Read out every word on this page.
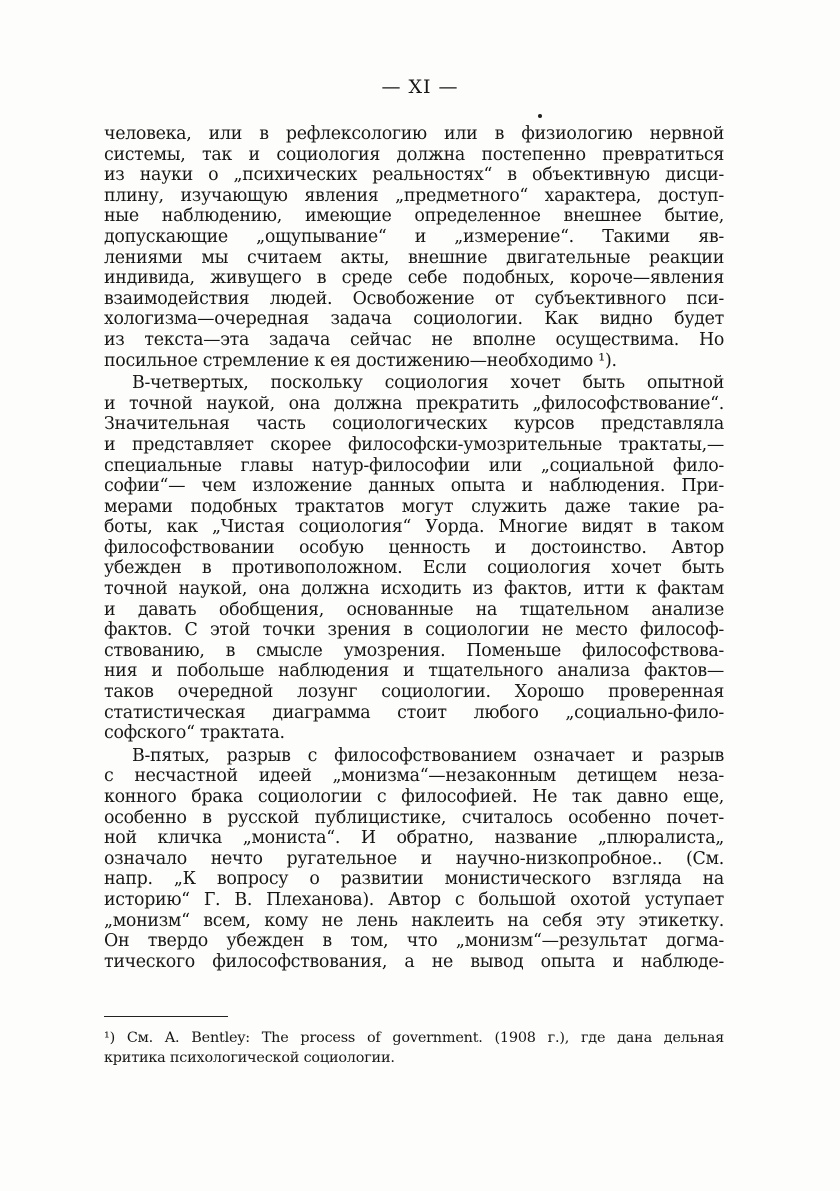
— XI —
человека, или в рефлексологию или в физиологию нервной
системы, так и социология должна постепенно превратиться
из науки о „психических реальностях“ в объективную дисци-
плину, изучающую явления „предметного“ характера, доступ-
ные наблюдению, имеющие определенное внешнее бытие,
допускающие „ощупывание“ и „измерение“. Такими яв-
лениями мы считаем акты, внешние двигательные реакции
индивида, живущего в среде себе подобных, короче—явления
взаимодействия людей. Освобожение от субъективного пси-
хологизма—очередная задача социологии. Как видно будет
из текста—эта задача сейчас не вполне осуществима. Но
посильное стремление к ея достижению—необходимо ¹).
В-четвертых, поскольку социология хочет быть опытной
и точной наукой, она должна прекратить „философствование“.
Значительная часть социологических курсов представляла
и представляет скорее философски-умозрительные трактаты,—
специальные главы натур-философии или „социальной фило-
софии“— чем изложение данных опыта и наблюдения. При-
мерами подобных трактатов могут служить даже такие ра-
боты, как „Чистая социология“ Уорда. Многие видят в таком
философствовании особую ценность и достоинство. Автор
убежден в противоположном. Если социология хочет быть
точной наукой, она должна исходить из фактов, итти к фактам
и давать обобщения, основанные на тщательном анализе
фактов. С этой точки зрения в социологии не место философ-
ствованию, в смысле умозрения. Поменьше философствова-
ния и побольше наблюдения и тщательного анализа фактов—
таков очередной лозунг социологии. Хорошо проверенная
статистическая диаграмма стоит любого „социально-фило-
софского“ трактата.
В-пятых, разрыв с философствованием означает и разрыв
с несчастной идеей „монизма“—незаконным детищем неза-
конного брака социологии с философией. Не так давно еще,
особенно в русской публицистике, считалось особенно почет-
ной кличка „мониста“. И обратно, название „плюралиста„
означало нечто ругательное и научно-низкопробное.. (См.
напр. „К вопросу о развитии монистического взгляда на
историю“ Г. В. Плеханова). Автор с большой охотой уступает
„монизм“ всем, кому не лень наклеить на себя эту этикетку.
Он твердо убежден в том, что „монизм“—результат догма-
тического философствования, а не вывод опыта и наблюде-
¹) См. A. Bentley: The process of government. (1908 г.), где дана дельная
критика психологической социологии.
